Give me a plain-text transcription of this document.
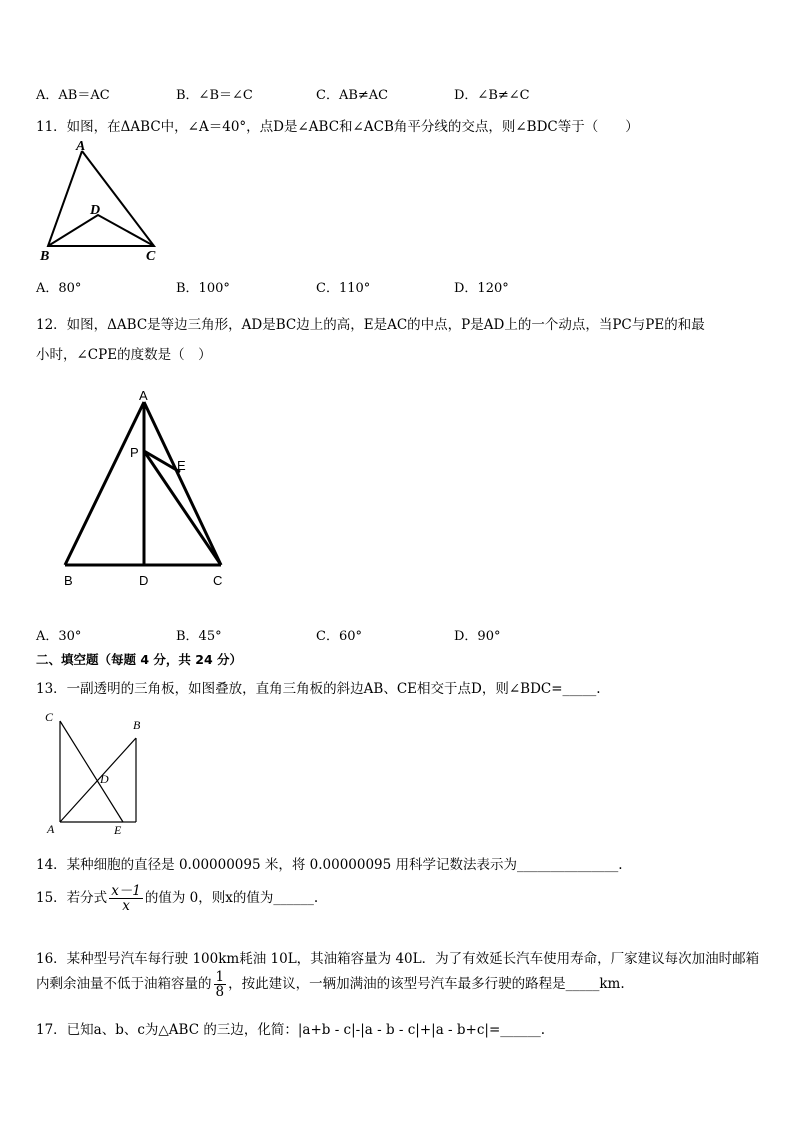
A．AB＝AC	B．∠B＝∠C	C．AB≠AC	D．∠B≠∠C
11．如图，在ΔABC中，∠A＝40°，点D是∠ABC和∠ACB角平分线的交点，则∠BDC等于（　　）
A
D
B	C
A．80°	B．100°	C．110°	D．120°
12．如图，ΔABC是等边三角形，AD是BC边上的高，E是AC的中点，P是AD上的一个动点，当PC与PE的和最
小时，∠CPE的度数是（　）
A
P
E
B	D	C
A．30°	B．45°	C．60°	D．90°
二、填空题（每题 4 分，共 24 分）
13．一副透明的三角板，如图叠放，直角三角板的斜边AB、CE相交于点D，则∠BDC=_____.
C
B
D
A	E
14．某种细胞的直径是 0.00000095 米，将 0.00000095 用科学记数法表示为_______________.
15．若分式 $\frac{x-1}{x}$ 的值为 0，则x的值为______.
16．某种型号汽车每行驶 100km耗油 10L，其油箱容量为 40L．为了有效延长汽车使用寿命，厂家建议每次加油时邮箱
内剩余油量不低于油箱容量的 $\frac{1}{8}$ ，按此建议，一辆加满油的该型号汽车最多行驶的路程是_____km.
17．已知a、b、c为△ABC 的三边，化简：|a+b - c|-|a - b - c|+|a - b+c|=______.
